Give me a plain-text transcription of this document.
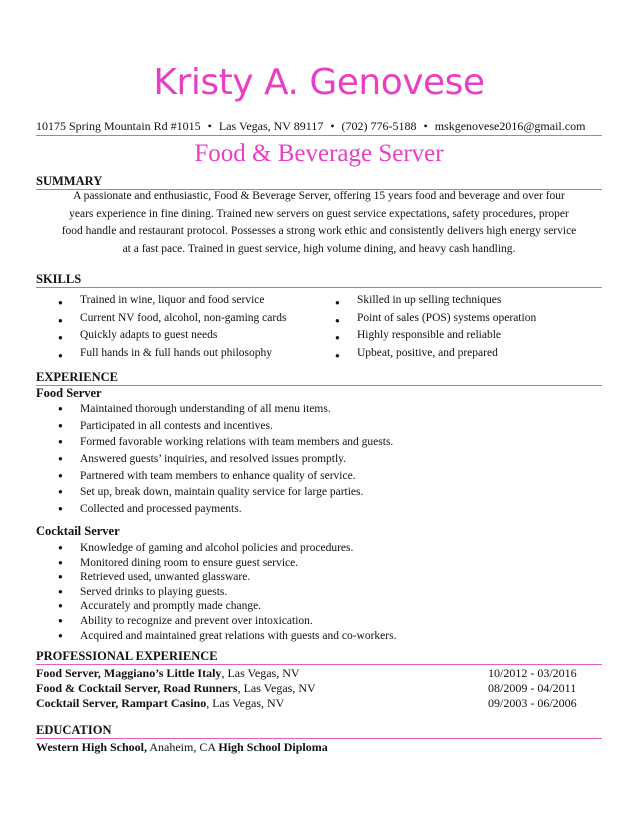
Kristy A. Genovese
10175 Spring Mountain Rd #1015 • Las Vegas, NV 89117 • (702) 776-5188 • mskgenovese2016@gmail.com
Food & Beverage Server
SUMMARY
A passionate and enthusiastic, Food & Beverage Server, offering 15 years food and beverage and over four
years experience in fine dining. Trained new servers on guest service expectations, safety procedures, proper
food handle and restaurant protocol. Possesses a strong work ethic and consistently delivers high energy service
at a fast pace. Trained in guest service, high volume dining, and heavy cash handling.
SKILLS
● Trained in wine, liquor and food service
● Current NV food, alcohol, non-gaming cards
● Quickly adapts to guest needs
● Full hands in & full hands out philosophy
● Skilled in up selling techniques
● Point of sales (POS) systems operation
● Highly responsible and reliable
● Upbeat, positive, and prepared
EXPERIENCE
Food Server
● Maintained thorough understanding of all menu items.
● Participated in all contests and incentives.
● Formed favorable working relations with team members and guests.
● Answered guests’ inquiries, and resolved issues promptly.
● Partnered with team members to enhance quality of service.
● Set up, break down, maintain quality service for large parties.
● Collected and processed payments.
Cocktail Server
● Knowledge of gaming and alcohol policies and procedures.
● Monitored dining room to ensure guest service.
● Retrieved used, unwanted glassware.
● Served drinks to playing guests.
● Accurately and promptly made change.
● Ability to recognize and prevent over intoxication.
● Acquired and maintained great relations with guests and co-workers.
PROFESSIONAL EXPERIENCE
Food Server, Maggiano’s Little Italy, Las Vegas, NV	10/2012 - 03/2016
Food & Cocktail Server, Road Runners, Las Vegas, NV	08/2009 - 04/2011
Cocktail Server, Rampart Casino, Las Vegas, NV	09/2003 - 06/2006
EDUCATION
Western High School, Anaheim, CA High School Diploma
